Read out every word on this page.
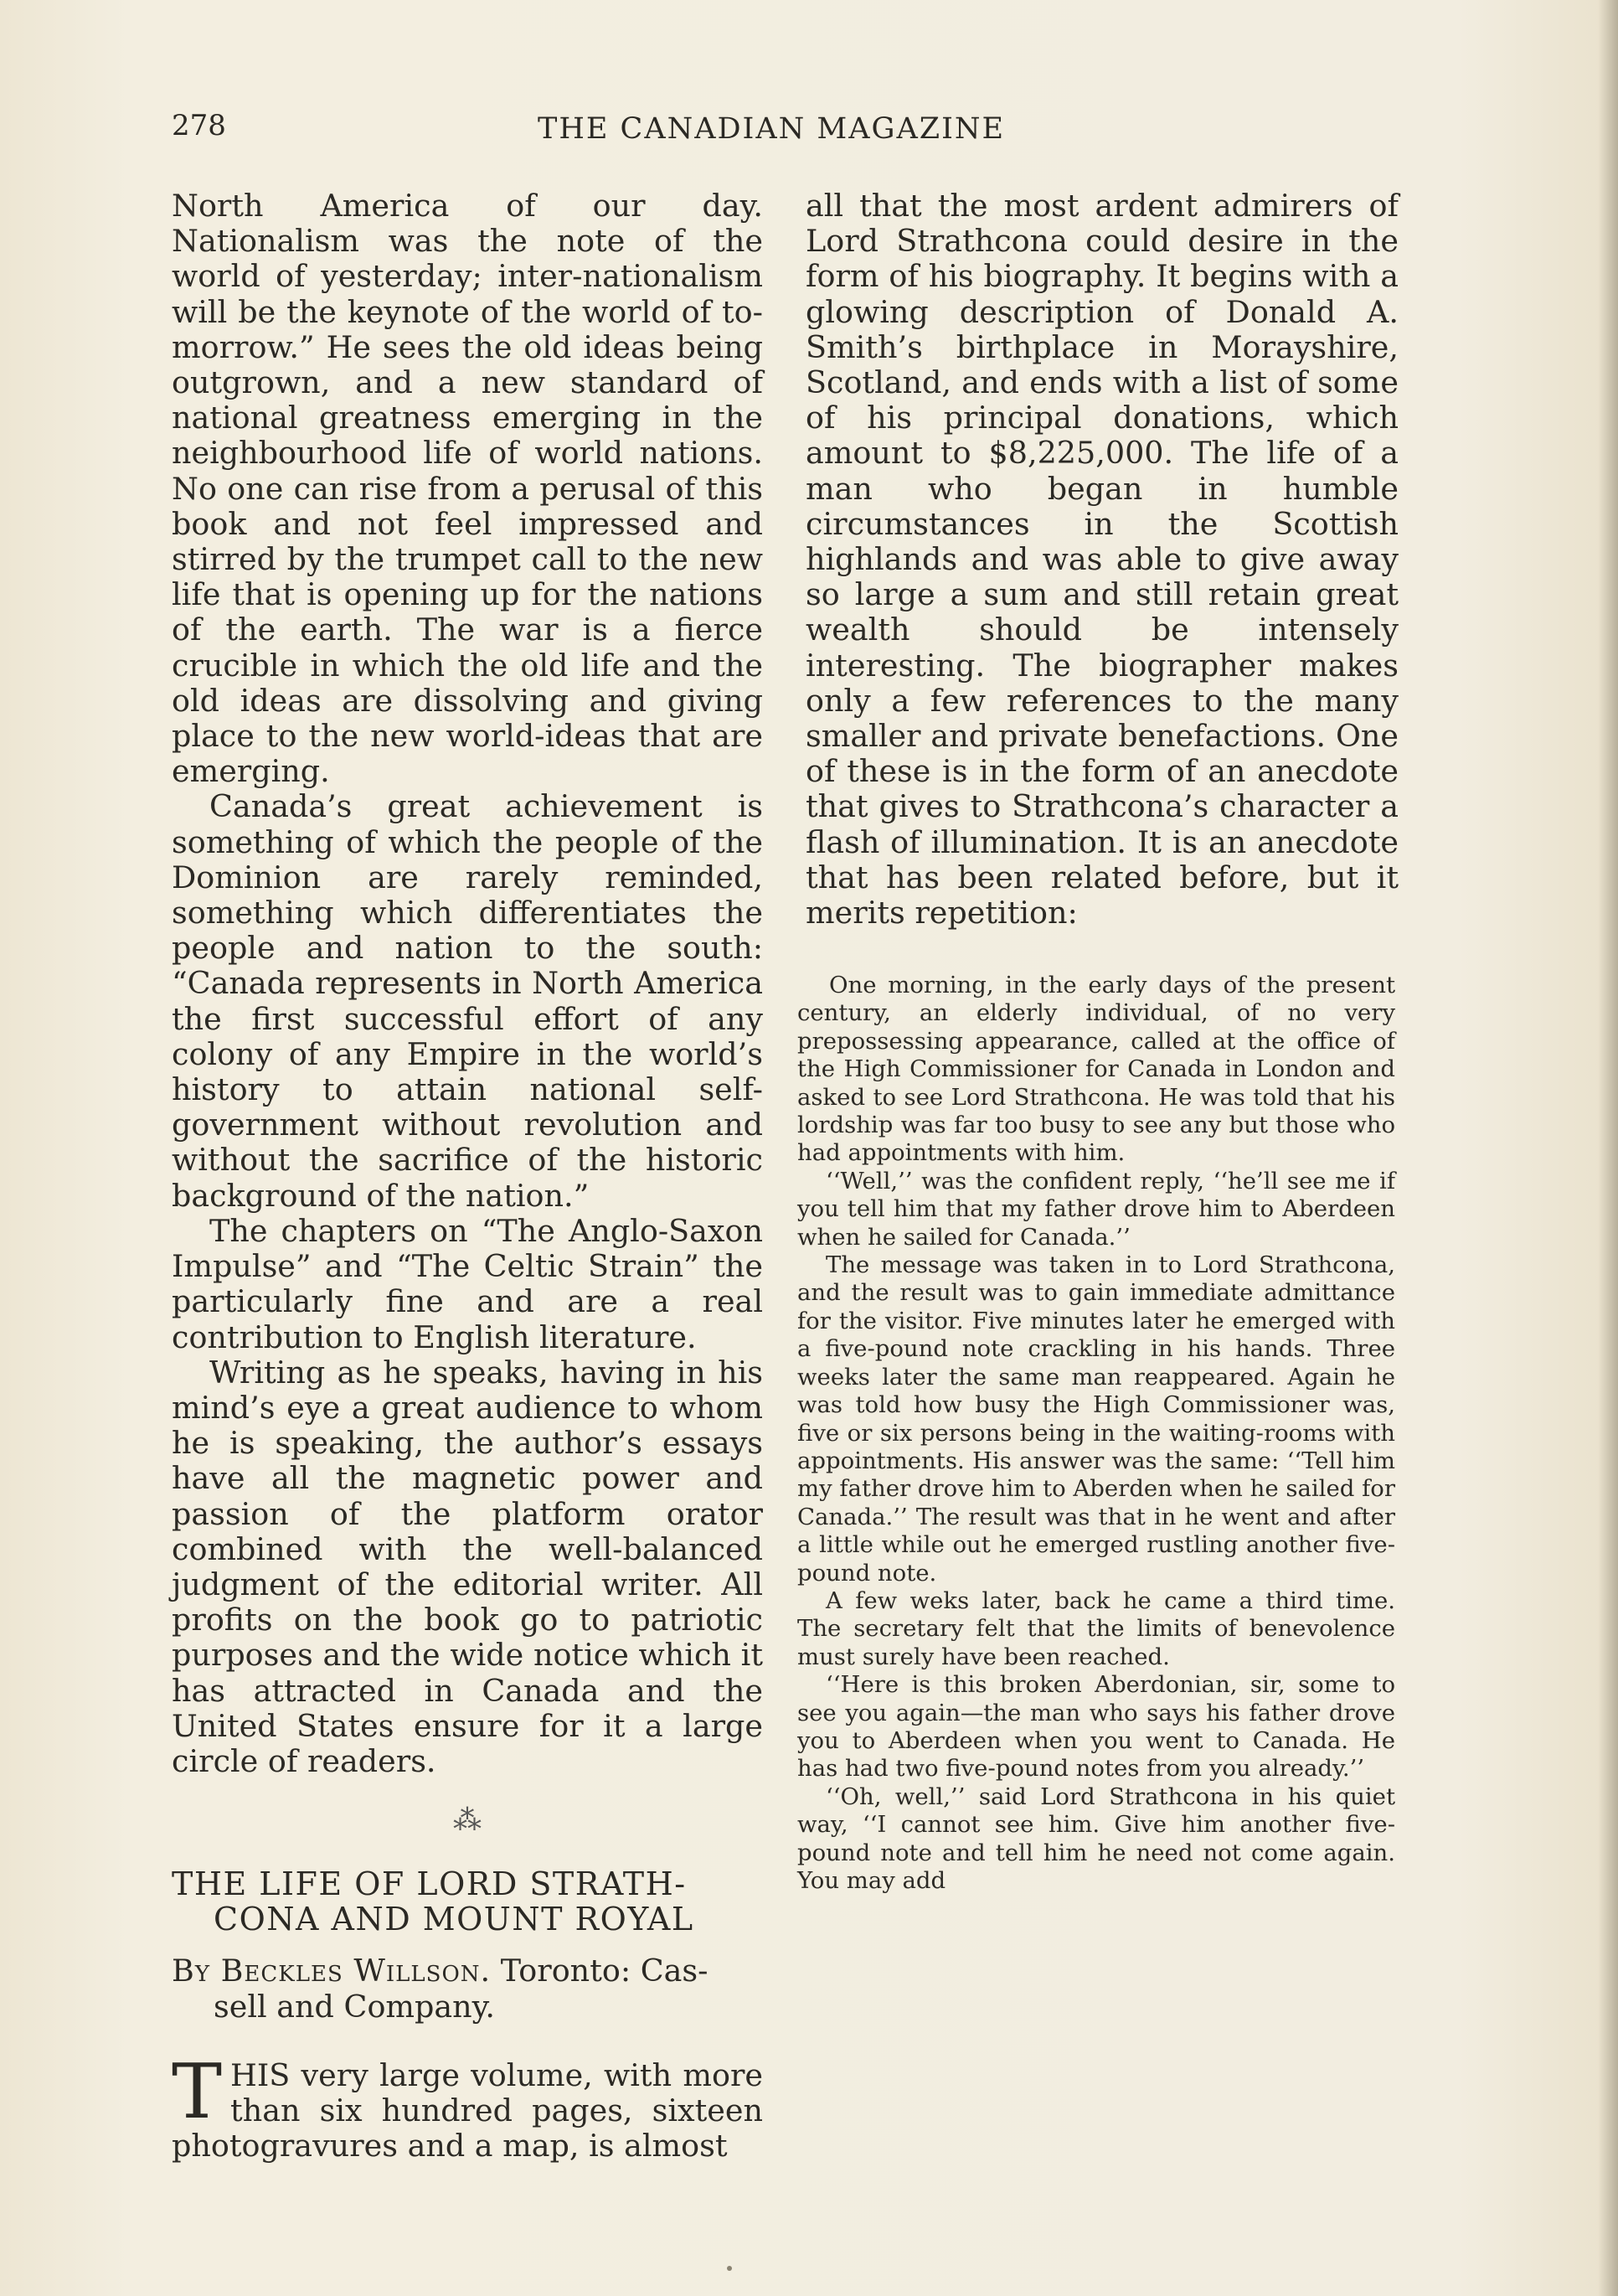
278	THE CANADIAN MAGAZINE

North America of our day. Nationalism was the note of the world of yesterday; inter-nationalism will be the keynote of the world of to-morrow.” He sees the old ideas being outgrown, and a new standard of national greatness emerging in the neighbourhood life of world nations. No one can rise from a perusal of this book and not feel impressed and stirred by the trumpet call to the new life that is opening up for the nations of the earth. The war is a fierce crucible in which the old life and the old ideas are dissolving and giving place to the new world-ideas that are emerging.

Canada’s great achievement is something of which the people of the Dominion are rarely reminded, something which differentiates the people and nation to the south: “Canada represents in North America the first successful effort of any colony of any Empire in the world’s history to attain national self-government without revolution and without the sacrifice of the historic background of the nation.”

The chapters on “The Anglo-Saxon Impulse” and “The Celtic Strain” the particularly fine and are a real contribution to English literature.

Writing as he speaks, having in his mind’s eye a great audience to whom he is speaking, the author’s essays have all the magnetic power and passion of the platform orator combined with the well-balanced judgment of the editorial writer. All profits on the book go to patriotic purposes and the wide notice which it has attracted in Canada and the United States ensure for it a large circle of readers.

⁂
THE LIFE OF LORD STRATH-
CONA AND MOUNT ROYAL
By Beckles Willson. Toronto: Cas-
sell and Company.

THIS very large volume, with more than six hundred pages, sixteen photogravures and a map, is almost

all that the most ardent admirers of Lord Strathcona could desire in the form of his biography. It begins with a glowing description of Donald A. Smith’s birthplace in Morayshire, Scotland, and ends with a list of some of his principal donations, which amount to $8,225,000. The life of a man who began in humble circumstances in the Scottish highlands and was able to give away so large a sum and still retain great wealth should be intensely interesting. The biographer makes only a few references to the many smaller and private benefactions. One of these is in the form of an anecdote that gives to Strathcona’s character a flash of illumination. It is an anecdote that has been related before, but it merits repetition:

One morning, in the early days of the present century, an elderly individual, of no very prepossessing appearance, called at the office of the High Commissioner for Canada in London and asked to see Lord Strathcona. He was told that his lordship was far too busy to see any but those who had appointments with him.

‘‘Well,’’ was the confident reply, ‘‘he’ll see me if you tell him that my father drove him to Aberdeen when he sailed for Canada.’’

The message was taken in to Lord Strathcona, and the result was to gain immediate admittance for the visitor. Five minutes later he emerged with a five-pound note crackling in his hands. Three weeks later the same man reappeared. Again he was told how busy the High Commissioner was, five or six persons being in the waiting-rooms with appointments. His answer was the same: ‘‘Tell him my father drove him to Aberden when he sailed for Canada.’’ The result was that in he went and after a little while out he emerged rustling another five-pound note.

A few weks later, back he came a third time. The secretary felt that the limits of benevolence must surely have been reached.

‘‘Here is this broken Aberdonian, sir, some to see you again—the man who says his father drove you to Aberdeen when you went to Canada. He has had two five-pound notes from you already.’’

‘‘Oh, well,’’ said Lord Strathcona in his quiet way, ‘‘I cannot see him. Give him another five-pound note and tell him he need not come again. You may add
